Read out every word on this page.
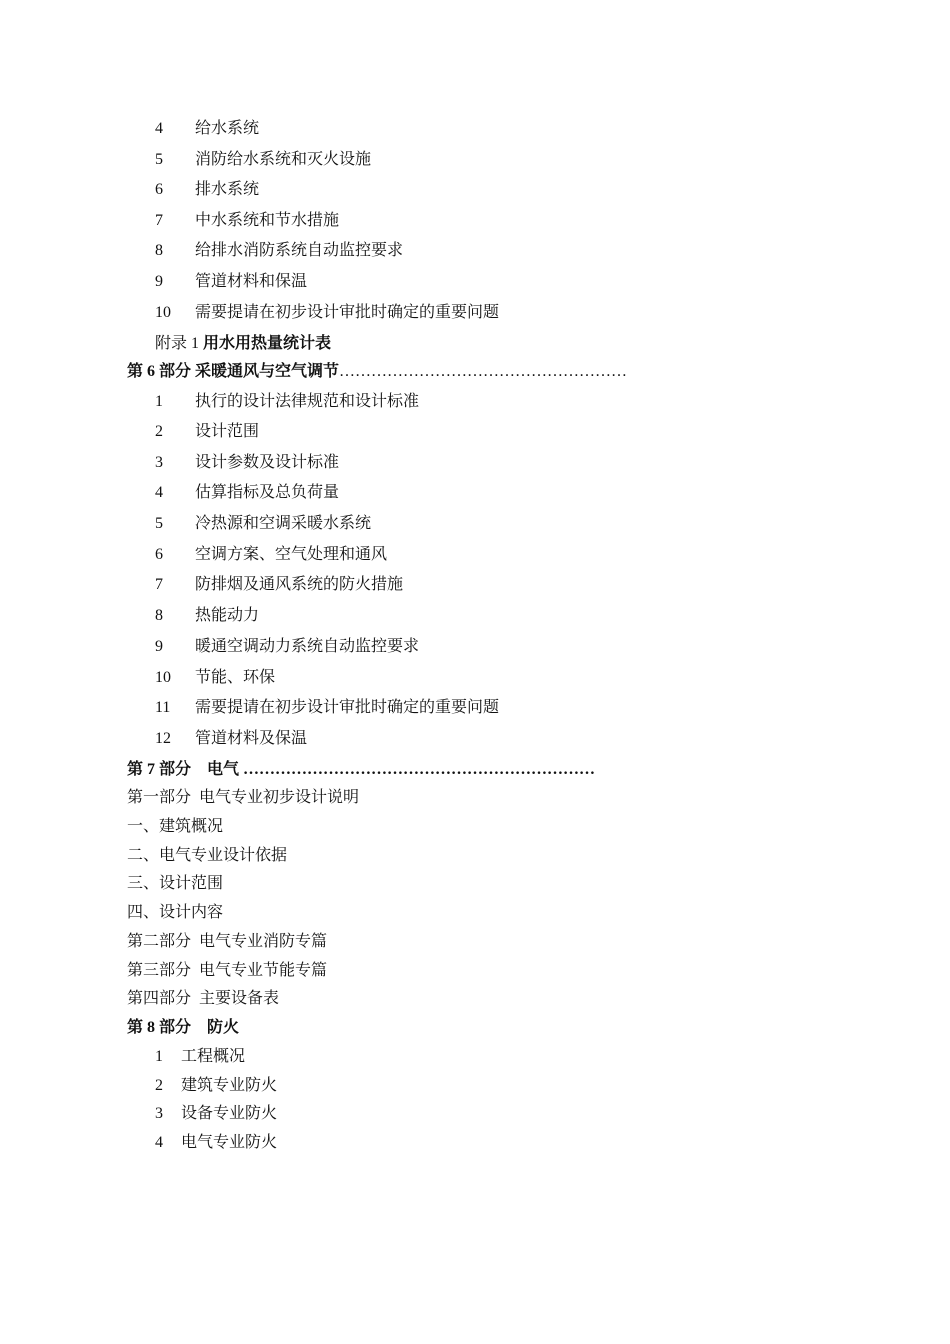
4 给水系统
5 消防给水系统和灭火设施
6 排水系统
7 中水系统和节水措施
8 给排水消防系统自动监控要求
9 管道材料和保温
10 需要提请在初步设计审批时确定的重要问题
附录 1 用水用热量统计表
第 6 部分 采暖通风与空气调节………………………………………………
1 执行的设计法律规范和设计标准
2 设计范围
3 设计参数及设计标准
4 估算指标及总负荷量
5 冷热源和空调采暖水系统
6 空调方案、空气处理和通风
7 防排烟及通风系统的防火措施
8 热能动力
9 暖通空调动力系统自动监控要求
10 节能、环保
11 需要提请在初步设计审批时确定的重要问题
12 管道材料及保温
第 7 部分    电气 …………………………………………………………
第一部分  电气专业初步设计说明
一、建筑概况
二、电气专业设计依据
三、设计范围
四、设计内容
第二部分  电气专业消防专篇
第三部分  电气专业节能专篇
第四部分  主要设备表
第 8 部分    防火
1 工程概况
2 建筑专业防火
3 设备专业防火
4 电气专业防火
